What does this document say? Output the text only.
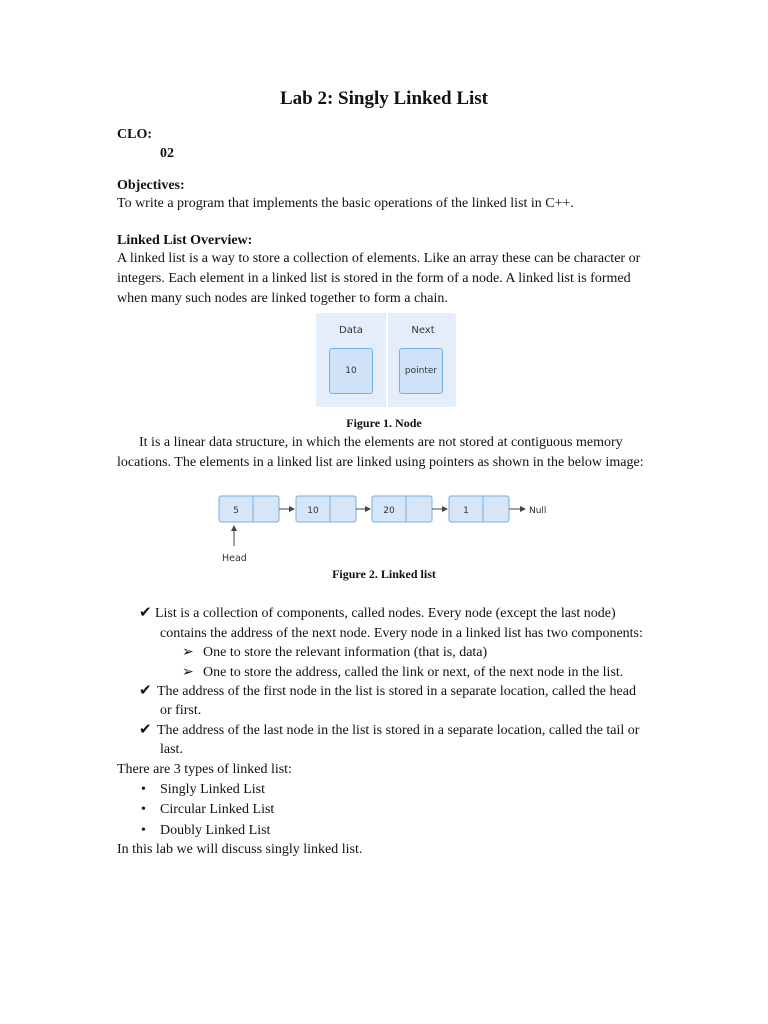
Lab 2: Singly Linked List
CLO:
02
Objectives:
To write a program that implements the basic operations of the linked list in C++.
Linked List Overview:
A linked list is a way to store a collection of elements. Like an array these can be character or
integers. Each element in a linked list is stored in the form of a node. A linked list is formed
when many such nodes are linked together to form a chain.
Data	Next
10	pointer
Figure 1. Node
It is a linear data structure, in which the elements are not stored at contiguous memory
locations. The elements in a linked list are linked using pointers as shown in the below image:
5	10	20	1	Null
Head
Figure 2. Linked list
✔ List is a collection of components, called nodes. Every node (except the last node)
contains the address of the next node. Every node in a linked list has two components:
➢ One to store the relevant information (that is, data)
➢ One to store the address, called the link or next, of the next node in the list.
✔ The address of the first node in the list is stored in a separate location, called the head
or first.
✔ The address of the last node in the list is stored in a separate location, called the tail or
last.
There are 3 types of linked list:
• Singly Linked List
• Circular Linked List
• Doubly Linked List
In this lab we will discuss singly linked list.
